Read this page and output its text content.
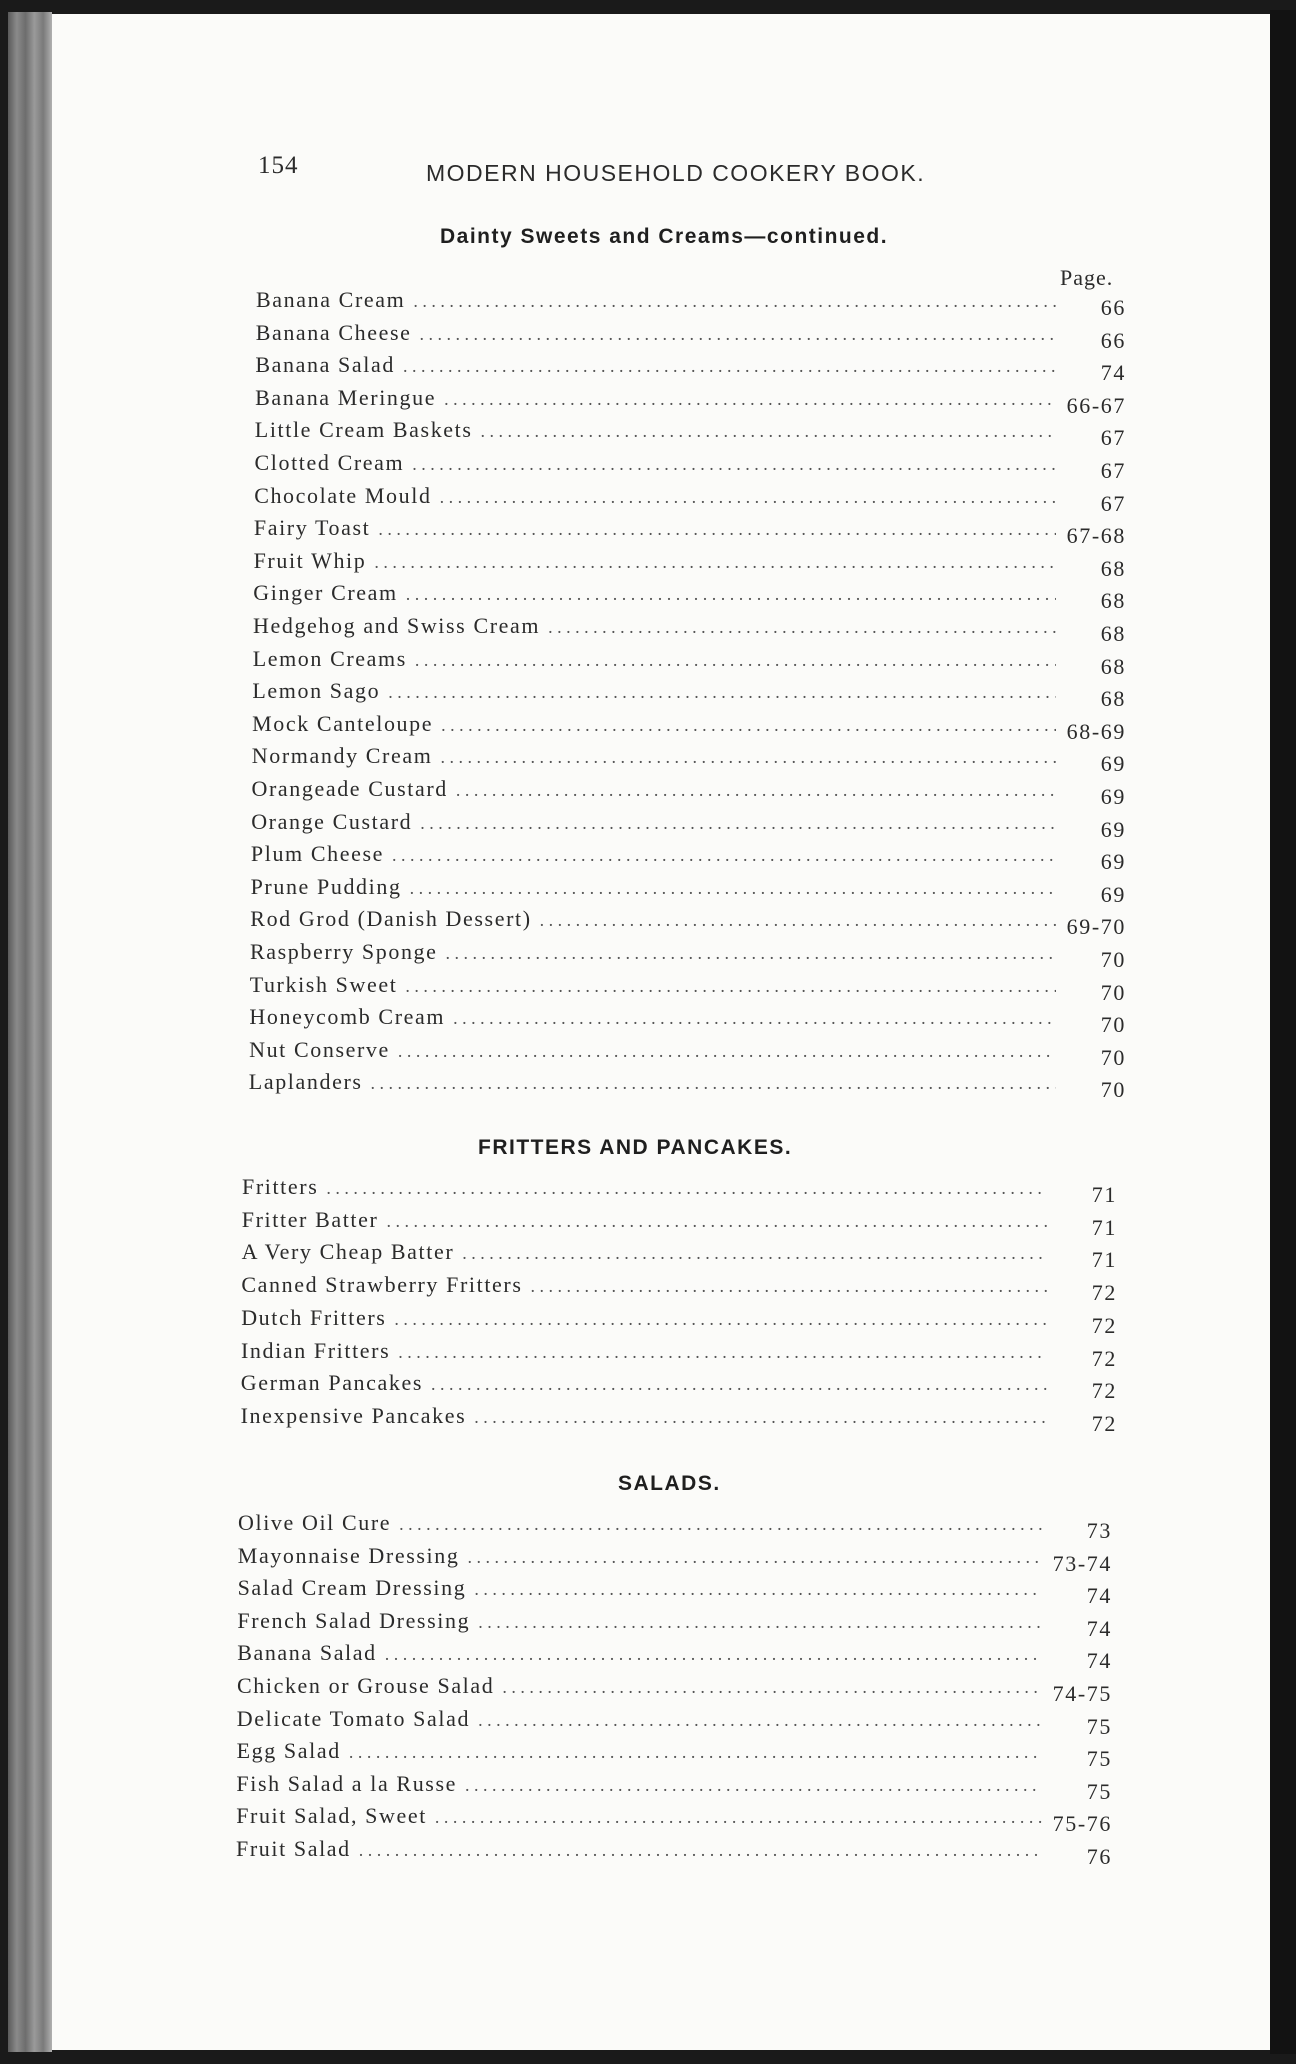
154	MODERN HOUSEHOLD COOKERY BOOK.
Dainty Sweets and Creams—continued.
Page.
FRITTERS AND PANCAKES.
SALADS.
Banana Cream . . .	66
Banana Cheese . . .	66
Banana Salad . . .	74
Banana Meringue . . .	66-67
Little Cream Baskets . . .	67
Clotted Cream . . .	67
Chocolate Mould . . .	67
Fairy Toast . . .	67-68
Fruit Whip . . .	68
Ginger Cream . . .	68
Hedgehog and Swiss Cream . . .	68
Lemon Creams . . .	68
Lemon Sago . . .	68
Mock Canteloupe . . .	68-69
Normandy Cream . . .	69
Orangeade Custard . . .	69
Orange Custard . . .	69
Plum Cheese . . .	69
Prune Pudding . . .	69
Rod Grod (Danish Dessert) . . .	69-70
Raspberry Sponge . . .	70
Turkish Sweet . . .	70
Honeycomb Cream . . .	70
Nut Conserve . . .	70
Laplanders . . .	70
Fritters . . .	71
Fritter Batter . . .	71
A Very Cheap Batter . . .	71
Canned Strawberry Fritters . . .	72
Dutch Fritters . . .	72
Indian Fritters . . .	72
German Pancakes . . .	72
Inexpensive Pancakes . . .	72
Olive Oil Cure . . .	73
Mayonnaise Dressing . . .	73-74
Salad Cream Dressing . . .	74
French Salad Dressing . . .	74
Banana Salad . . .	74
Chicken or Grouse Salad . . .	74-75
Delicate Tomato Salad . . .	75
Egg Salad . . .	75
Fish Salad a la Russe . . .	75
Fruit Salad, Sweet . . .	75-76
Fruit Salad . . .	76
